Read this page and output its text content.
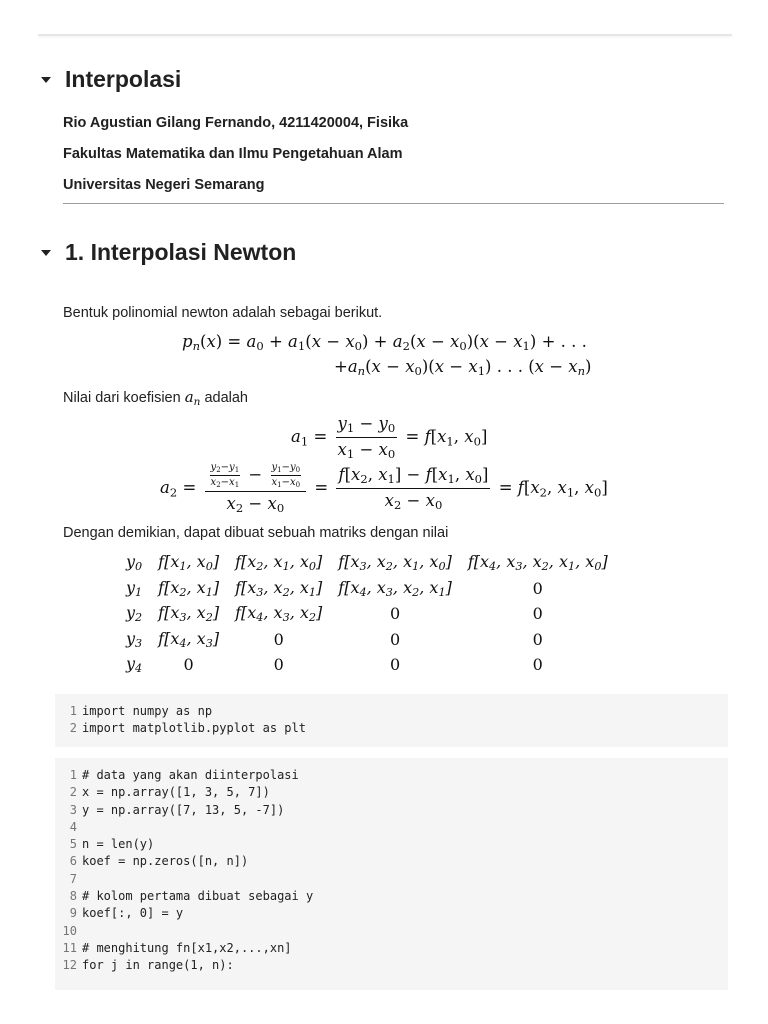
Interpolasi
Rio Agustian Gilang Fernando, 4211420004, Fisika
Fakultas Matematika dan Ilmu Pengetahuan Alam
Universitas Negeri Semarang
1. Interpolasi Newton
Bentuk polinomial newton adalah sebagai berikut.
$p_n(x) = a_0 + a_1(x - x_0) + a_2(x - x_0)(x - x_1)$ + . . .
$+a_n(x - x_0)(x - x_1)$ . . . $(x - x_n)$
Nilai dari koefisien $a_n$ adalah
$a_1 = \frac{y_1 - y_0}{x_1 - x_0} = f[x_1$, $x_0$]
$a_2 = \frac{\frac{y_2-y_1}{x_2-x_1} - \frac{y_1-y_0}{x_1-x_0}}{x_2 - x_0} = \frac{f[x_2, x_1] - f[x_1, x_0]}{x_2 - x_0} = f[x_2$, $x_1$, $x_0$]
Dengan demikian, dapat dibuat sebuah matriks dengan nilai
$y_0$	$f[x_1$, $x_0$]	$f[x_2$, $x_1$, $x_0$]	$f[x_3$, $x_2$, $x_1$, $x_0$]	$f[x_4$, $x_3$, $x_2$, $x_1$, $x_0$]
$y_1$	$f[x_2$, $x_1$]	$f[x_3$, $x_2$, $x_1$]	$f[x_4$, $x_3$, $x_2$, $x_1$]	0
$y_2$	$f[x_3$, $x_2$]	$f[x_4$, $x_3$, $x_2$]	0	0
$y_3$	$f[x_4$, $x_3$]	0	0	0
$y_4$	0	0	0	0
1 import numpy as np
2 import matplotlib.pyplot as plt
1 # data yang akan diinterpolasi
2 x = np.array([1, 3, 5, 7])
3 y = np.array([7, 13, 5, -7])
4
5 n = len(y)
6 koef = np.zeros([n, n])
7
8 # kolom pertama dibuat sebagai y
9 koef[:, 0] = y
10
11 # menghitung fn[x1,x2,...,xn]
12 for j in range(1, n):
